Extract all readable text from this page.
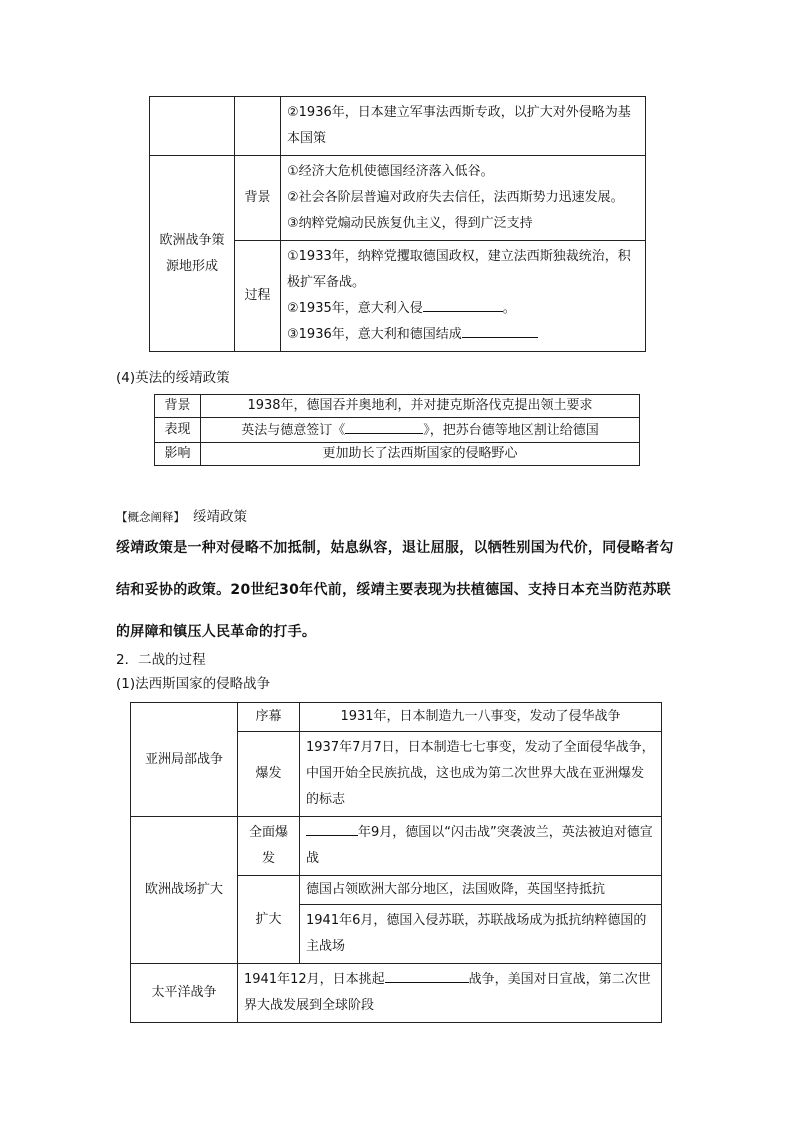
		②1936年，日本建立军事法西斯专政，以扩大对外侵略为基本国策
欧洲战争策源地形成	背景	①经济大危机使德国经济落入低谷。
②社会各阶层普遍对政府失去信任，法西斯势力迅速发展。
③纳粹党煽动民族复仇主义，得到广泛支持

	过程	①1933年，纳粹党攫取德国政权，建立法西斯独裁统治，积极扩军备战。
②1935年，意大利入侵 。
③1936年，意大利和德国结成
(4)英法的绥靖政策
背景	1938年，德国吞并奥地利，并对捷克斯洛伐克提出领土要求
表现	英法与德意签订《 》，把苏台德等地区割让给德国
影响	更加助长了法西斯国家的侵略野心
【概念阐释】 绥靖政策
绥靖政策是一种对侵略不加抵制，姑息纵容，退让屈服，以牺牲别国为代价，同侵略者勾结和妥协的政策。20世纪30年代前，绥靖主要表现为扶植德国、支持日本充当防范苏联的屏障和镇压人民革命的打手。
2．二战的过程
(1)法西斯国家的侵略战争
亚洲局部战争	序幕	1931年，日本制造九一八事变，发动了侵华战争
	爆发	1937年7月7日，日本制造七七事变，发动了全面侵华战争，中国开始全民族抗战，这也成为第二次世界大战在亚洲爆发的标志
欧洲战场扩大	全面爆发	年9月，德国以“闪击战”突袭波兰，英法被迫对德宣战
	扩大	德国占领欧洲大部分地区，法国败降，英国坚持抵抗
		1941年6月，德国入侵苏联，苏联战场成为抵抗纳粹德国的主战场
太平洋战争	1941年12月，日本挑起 战争，美国对日宣战，第二次世界大战发展到全球阶段	
